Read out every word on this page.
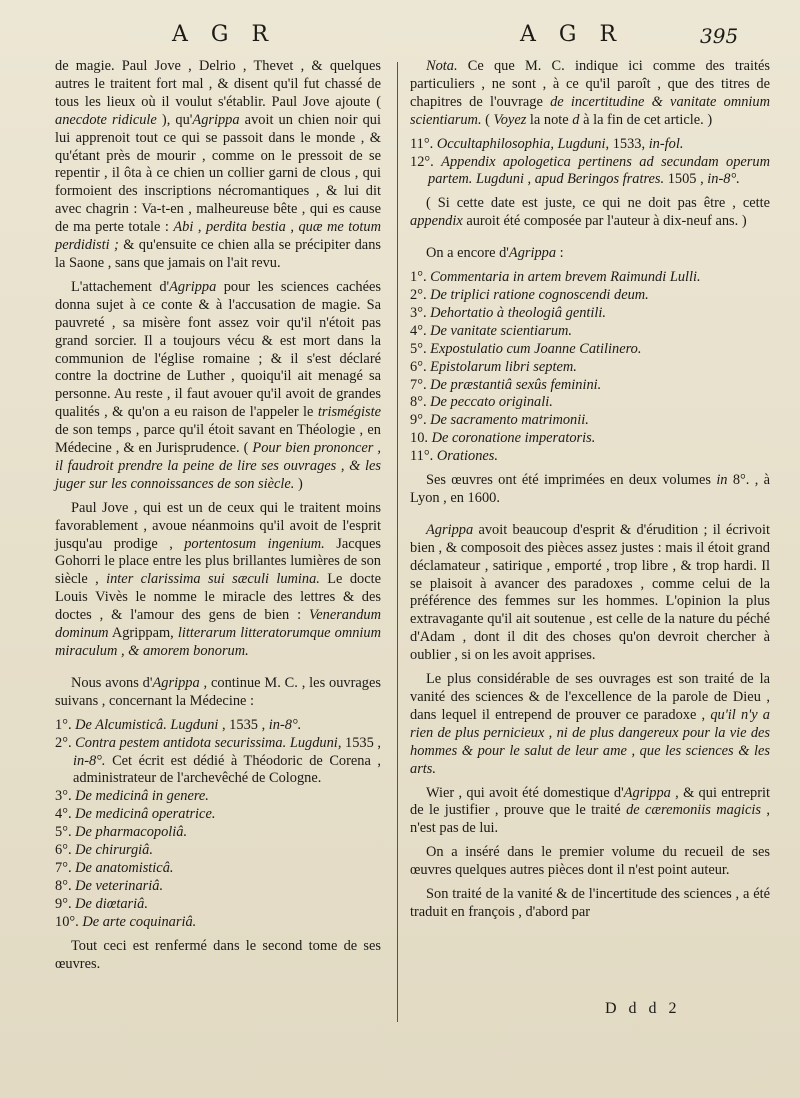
A G R	A G R	395

de magie. Paul Jove , Delrio , Thevet , & quelques autres le traitent fort mal , & disent qu'il fut chassé de tous les lieux où il voulut s'établir. Paul Jove ajoute ( anecdote ridicule ), qu'Agrippa avoit un chien noir qui lui apprenoit tout ce qui se passoit dans le monde , & qu'étant près de mourir , comme on le pressoit de se repentir , il ôta à ce chien un collier garni de clous , qui formoient des inscriptions nécromantiques , & lui dit avec chagrin : Va-t-en , malheureuse bête , qui es cause de ma perte totale : Abi , perdita bestia , quæ me totum perdidisti ; & qu'ensuite ce chien alla se précipiter dans la Saone , sans que jamais on l'ait revu.

L'attachement d'Agrippa pour les sciences cachées donna sujet à ce conte & à l'accusation de magie. Sa pauvreté , sa misère font assez voir qu'il n'étoit pas grand sorcier. Il a toujours vécu & est mort dans la communion de l'église romaine ; & il s'est déclaré contre la doctrine de Luther , quoiqu'il ait menagé sa personne. Au reste , il faut avouer qu'il avoit de grandes qualités , & qu'on a eu raison de l'appeler le trismégiste de son temps , parce qu'il étoit savant en Théologie , en Médecine , & en Jurisprudence. ( Pour bien prononcer , il faudroit prendre la peine de lire ses ouvrages , & les juger sur les connoissances de son siècle. )

Paul Jove , qui est un de ceux qui le traitent moins favorablement , avoue néanmoins qu'il avoit de l'esprit jusqu'au prodige , portentosum ingenium. Jacques Gohorri le place entre les plus brillantes lumières de son siècle , inter clarissima sui sæculi lumina. Le docte Louis Vivès le nomme le miracle des lettres & des doctes , & l'amour des gens de bien : Venerandum dominum Agrippam, litterarum litteratorumque omnium miraculum , & amorem bonorum.

Nous avons d'Agrippa , continue M. C. , les ouvrages suivans , concernant la Médecine :

1°. De Alcumisticâ. Lugduni , 1535 , in-8°.
2°. Contra pestem antidota securissima. Lugduni, 1535 , in-8°. Cet écrit est dédié à Théodoric de Corena , administrateur de l'archevêché de Cologne.
3°. De medicinâ in genere.
4°. De medicinâ operatrice.
5°. De pharmacopoliâ.
6°. De chirurgiâ.
7°. De anatomisticâ.
8°. De veterinariâ.
9°. De diœtariâ.
10°. De arte coquinariâ.

Tout ceci est renfermé dans le second tome de ses œuvres.

Nota. Ce que M. C. indique ici comme des traités particuliers , ne sont , à ce qu'il paroît , que des titres de chapitres de l'ouvrage de incertitudine & vanitate omnium scientiarum. ( Voyez la note d à la fin de cet article. )

11°. Occultaphilosophia, Lugduni, 1533, in-fol.
12°. Appendix apologetica pertinens ad secundam operum partem. Lugduni , apud Beringos fratres. 1505 , in-8°.

( Si cette date est juste, ce qui ne doit pas être , cette appendix auroit été composée par l'auteur à dix-neuf ans. )

On a encore d'Agrippa :

1°. Commentaria in artem brevem Raimundi Lulli.
2°. De triplici ratione cognoscendi deum.
3°. Dehortatio à theologiâ gentili.
4°. De vanitate scientiarum.
5°. Expostulatio cum Joanne Catilinero.
6°. Epistolarum libri septem.
7°. De præstantiâ sexûs feminini.
8°. De peccato originali.
9°. De sacramento matrimonii.
10. De coronatione imperatoris.
11°. Orationes.

Ses œuvres ont été imprimées en deux volumes in 8°. , à Lyon , en 1600.

Agrippa avoit beaucoup d'esprit & d'érudition ; il écrivoit bien , & composoit des pièces assez justes : mais il étoit grand déclamateur , satirique , emporté , trop libre , & trop hardi. Il se plaisoit à avancer des paradoxes , comme celui de la préférence des femmes sur les hommes. L'opinion la plus extravagante qu'il ait soutenue , est celle de la nature du péché d'Adam , dont il dit des choses qu'on devroit chercher à oublier , si on les avoit apprises.

Le plus considérable de ses ouvrages est son traité de la vanité des sciences & de l'excellence de la parole de Dieu , dans lequel il entrepend de prouver ce paradoxe , qu'il n'y a rien de plus pernicieux , ni de plus dangereux pour la vie des hommes & pour le salut de leur ame , que les sciences & les arts.

Wier , qui avoit été domestique d'Agrippa , & qui entreprit de le justifier , prouve que le traité de cæremoniis magicis , n'est pas de lui.

On a inséré dans le premier volume du recueil de ses œuvres quelques autres pièces dont il n'est point auteur.

Son traité de la vanité & de l'incertitude des sciences , a été traduit en françois , d'abord par

D d d 2
